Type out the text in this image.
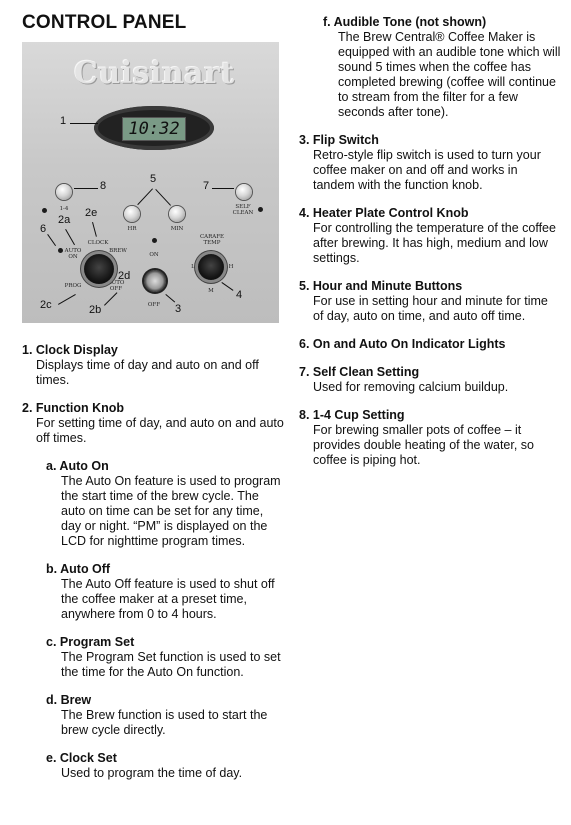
CONTROL PANEL
Cuisinart
10:32
1-4	SELF
CLEAN
HR	MIN
AUTO
ON
CLOCK
BREW
PROG	AUTO
OFF
ON
OFF
CARAFE
TEMP
L	H
M
1
8
5
7
2a
2e
6
2d
2c	2b	3
4
1. Clock Display
Displays time of day and auto on and off times.
2. Function Knob
For setting time of day, and auto on and auto off times.
a. Auto On
The Auto On feature is used to program the start time of the brew cycle. The auto on time can be set for any time, day or night. “PM” is displayed on the LCD for nighttime program times.
b. Auto Off
The Auto Off feature is used to shut off the coffee maker at a preset time, anywhere from 0 to 4 hours.
c. Program Set
The Program Set function is used to set the time for the Auto On function.
d. Brew
The Brew function is used to start the brew cycle directly.
e. Clock Set
Used to program the time of day.
f. Audible Tone (not shown)
The Brew Central® Coffee Maker is equipped with an audible tone which will sound 5 times when the coffee has completed brewing (coffee will continue to stream from the filter for a few seconds after tone).
3. Flip Switch
Retro-style flip switch is used to turn your coffee maker on and off and works in tandem with the function knob.
4. Heater Plate Control Knob
For controlling the temperature of the coffee after brewing. It has high, medium and low settings.
5. Hour and Minute Buttons
For use in setting hour and minute for time of day, auto on time, and auto off time.
6. On and Auto On Indicator Lights
7. Self Clean Setting
Used for removing calcium buildup.
8. 1-4 Cup Setting
For brewing smaller pots of coffee – it provides double heating of the water, so coffee is piping hot.
